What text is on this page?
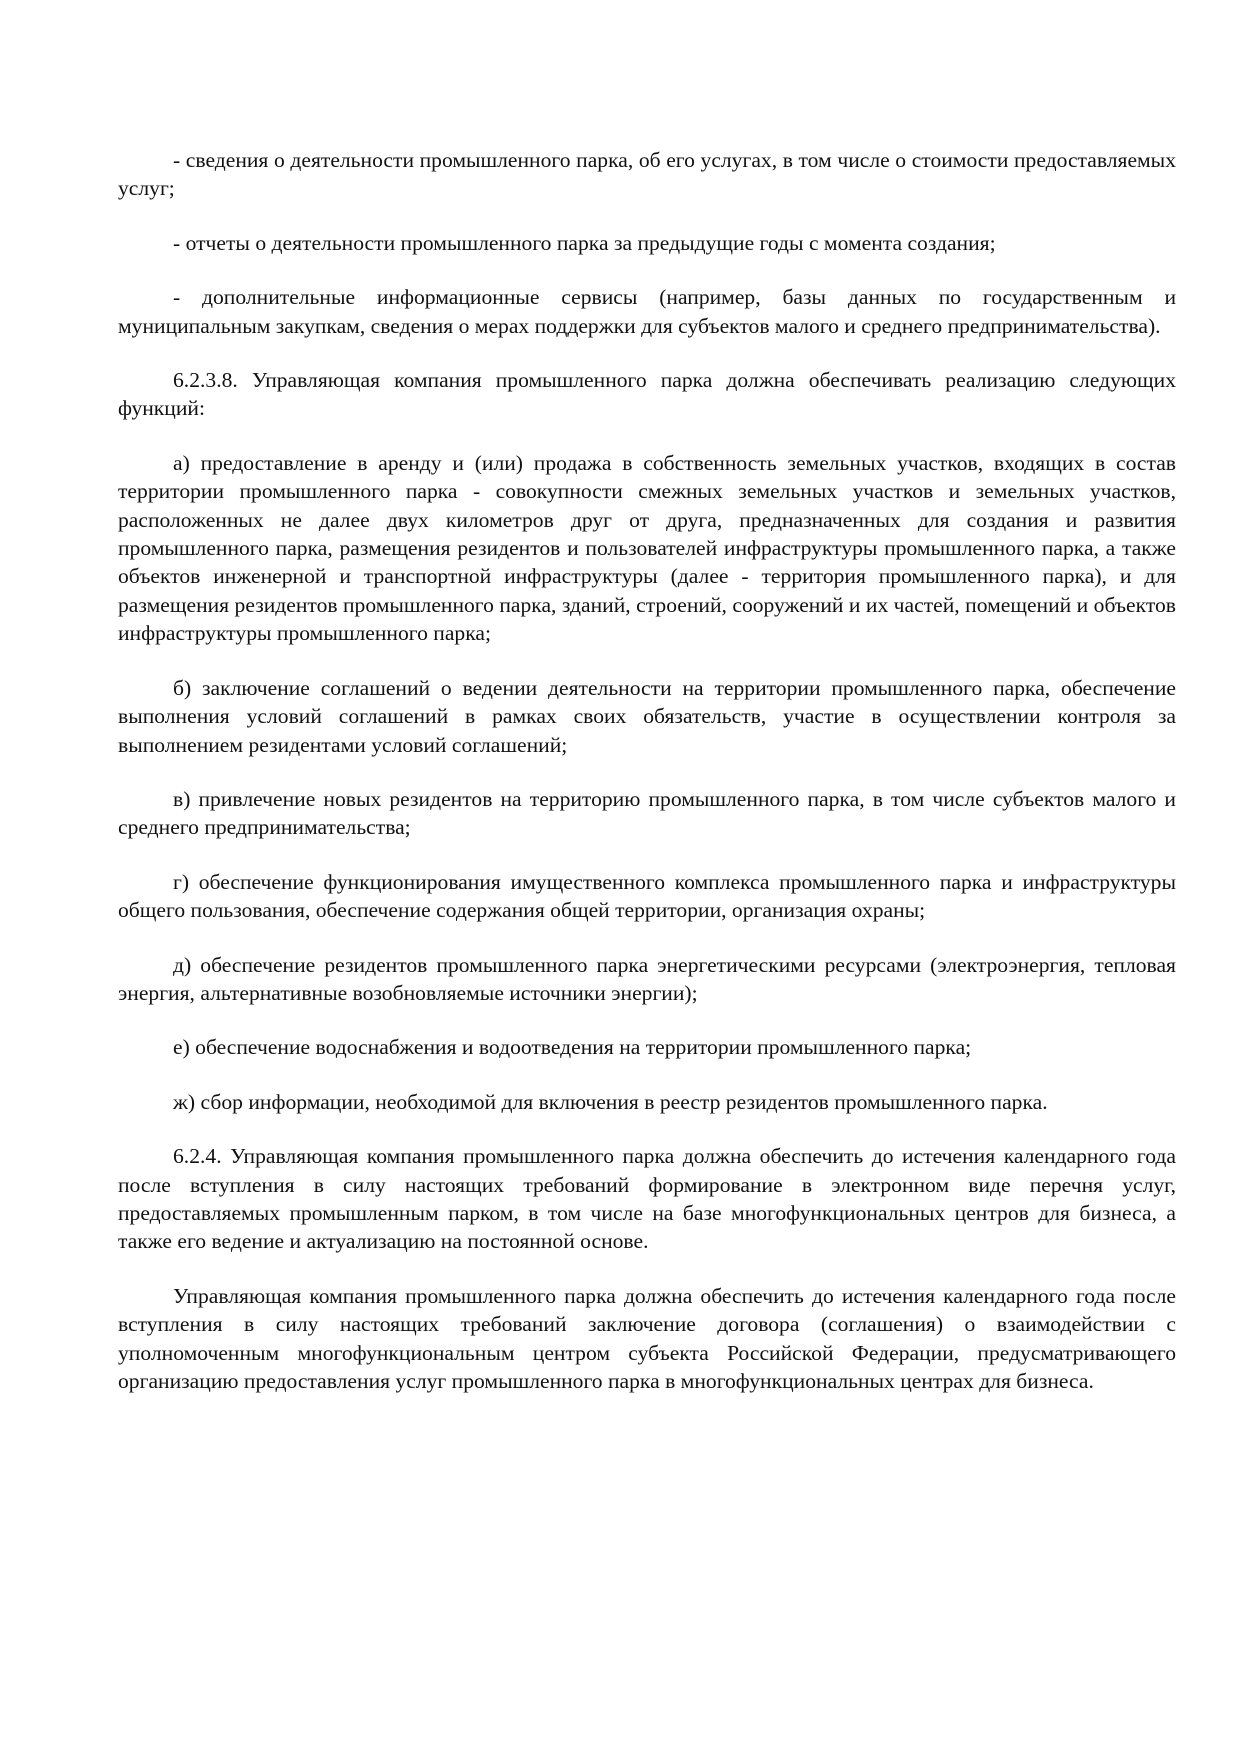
- сведения о деятельности промышленного парка, об его услугах, в том числе о стоимости предоставляемых услуг;

- отчеты о деятельности промышленного парка за предыдущие годы с момента создания;

- дополнительные информационные сервисы (например, базы данных по государственным и муниципальным закупкам, сведения о мерах поддержки для субъектов малого и среднего предпринимательства).

6.2.3.8. Управляющая компания промышленного парка должна обеспечивать реализацию следующих функций:

а) предоставление в аренду и (или) продажа в собственность земельных участков, входящих в состав территории промышленного парка - совокупности смежных земельных участков и земельных участков, расположенных не далее двух километров друг от друга, предназначенных для создания и развития промышленного парка, размещения резидентов и пользователей инфраструктуры промышленного парка, а также объектов инженерной и транспортной инфраструктуры (далее - территория промышленного парка), и для размещения резидентов промышленного парка, зданий, строений, сооружений и их частей, помещений и объектов инфраструктуры промышленного парка;

б) заключение соглашений о ведении деятельности на территории промышленного парка, обеспечение выполнения условий соглашений в рамках своих обязательств, участие в осуществлении контроля за выполнением резидентами условий соглашений;

в) привлечение новых резидентов на территорию промышленного парка, в том числе субъектов малого и среднего предпринимательства;

г) обеспечение функционирования имущественного комплекса промышленного парка и инфраструктуры общего пользования, обеспечение содержания общей территории, организация охраны;

д) обеспечение резидентов промышленного парка энергетическими ресурсами (электроэнергия, тепловая энергия, альтернативные возобновляемые источники энергии);

е) обеспечение водоснабжения и водоотведения на территории промышленного парка;

ж) сбор информации, необходимой для включения в реестр резидентов промышленного парка.

6.2.4. Управляющая компания промышленного парка должна обеспечить до истечения календарного года после вступления в силу настоящих требований формирование в электронном виде перечня услуг, предоставляемых промышленным парком, в том числе на базе многофункциональных центров для бизнеса, а также его ведение и актуализацию на постоянной основе.

Управляющая компания промышленного парка должна обеспечить до истечения календарного года после вступления в силу настоящих требований заключение договора (соглашения) о взаимодействии с уполномоченным многофункциональным центром субъекта Российской Федерации, предусматривающего организацию предоставления услуг промышленного парка в многофункциональных центрах для бизнеса.
